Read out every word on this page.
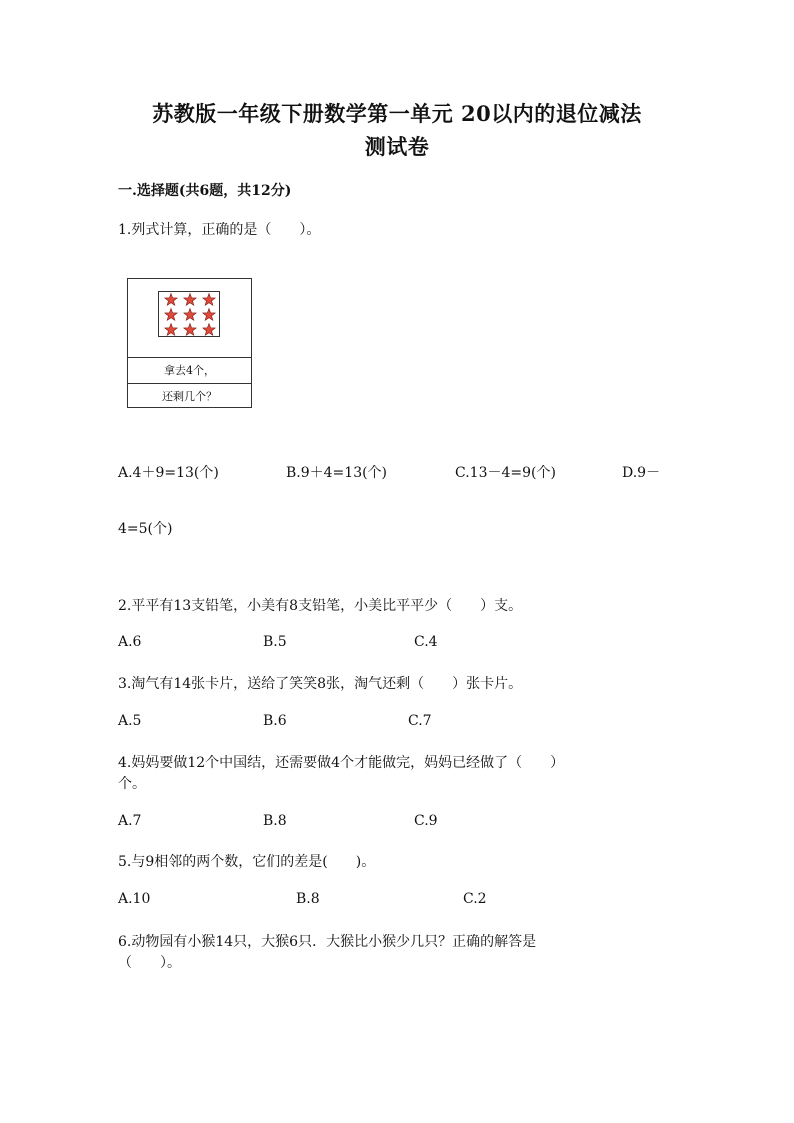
苏教版一年级下册数学第一单元 20以内的退位减法
测试卷
一.选择题(共6题，共12分)
1.列式计算，正确的是（　　）。
拿去4个，
还剩几个？
A.4＋9=13(个)	B.9＋4=13(个)	C.13－4=9(个)	D.9－
4=5(个)
2.平平有13支铅笔，小美有8支铅笔，小美比平平少（　　）支。
A.6	B.5	C.4
3.淘气有14张卡片，送给了笑笑8张，淘气还剩（　　）张卡片。
A.5	B.6	C.7
4.妈妈要做12个中国结，还需要做4个才能做完，妈妈已经做了（　　）
个。
A.7	B.8	C.9
5.与9相邻的两个数，它们的差是(　　)。
A.10	B.8	C.2
6.动物园有小猴14只，大猴6只．大猴比小猴少几只？正确的解答是
（　　）。
